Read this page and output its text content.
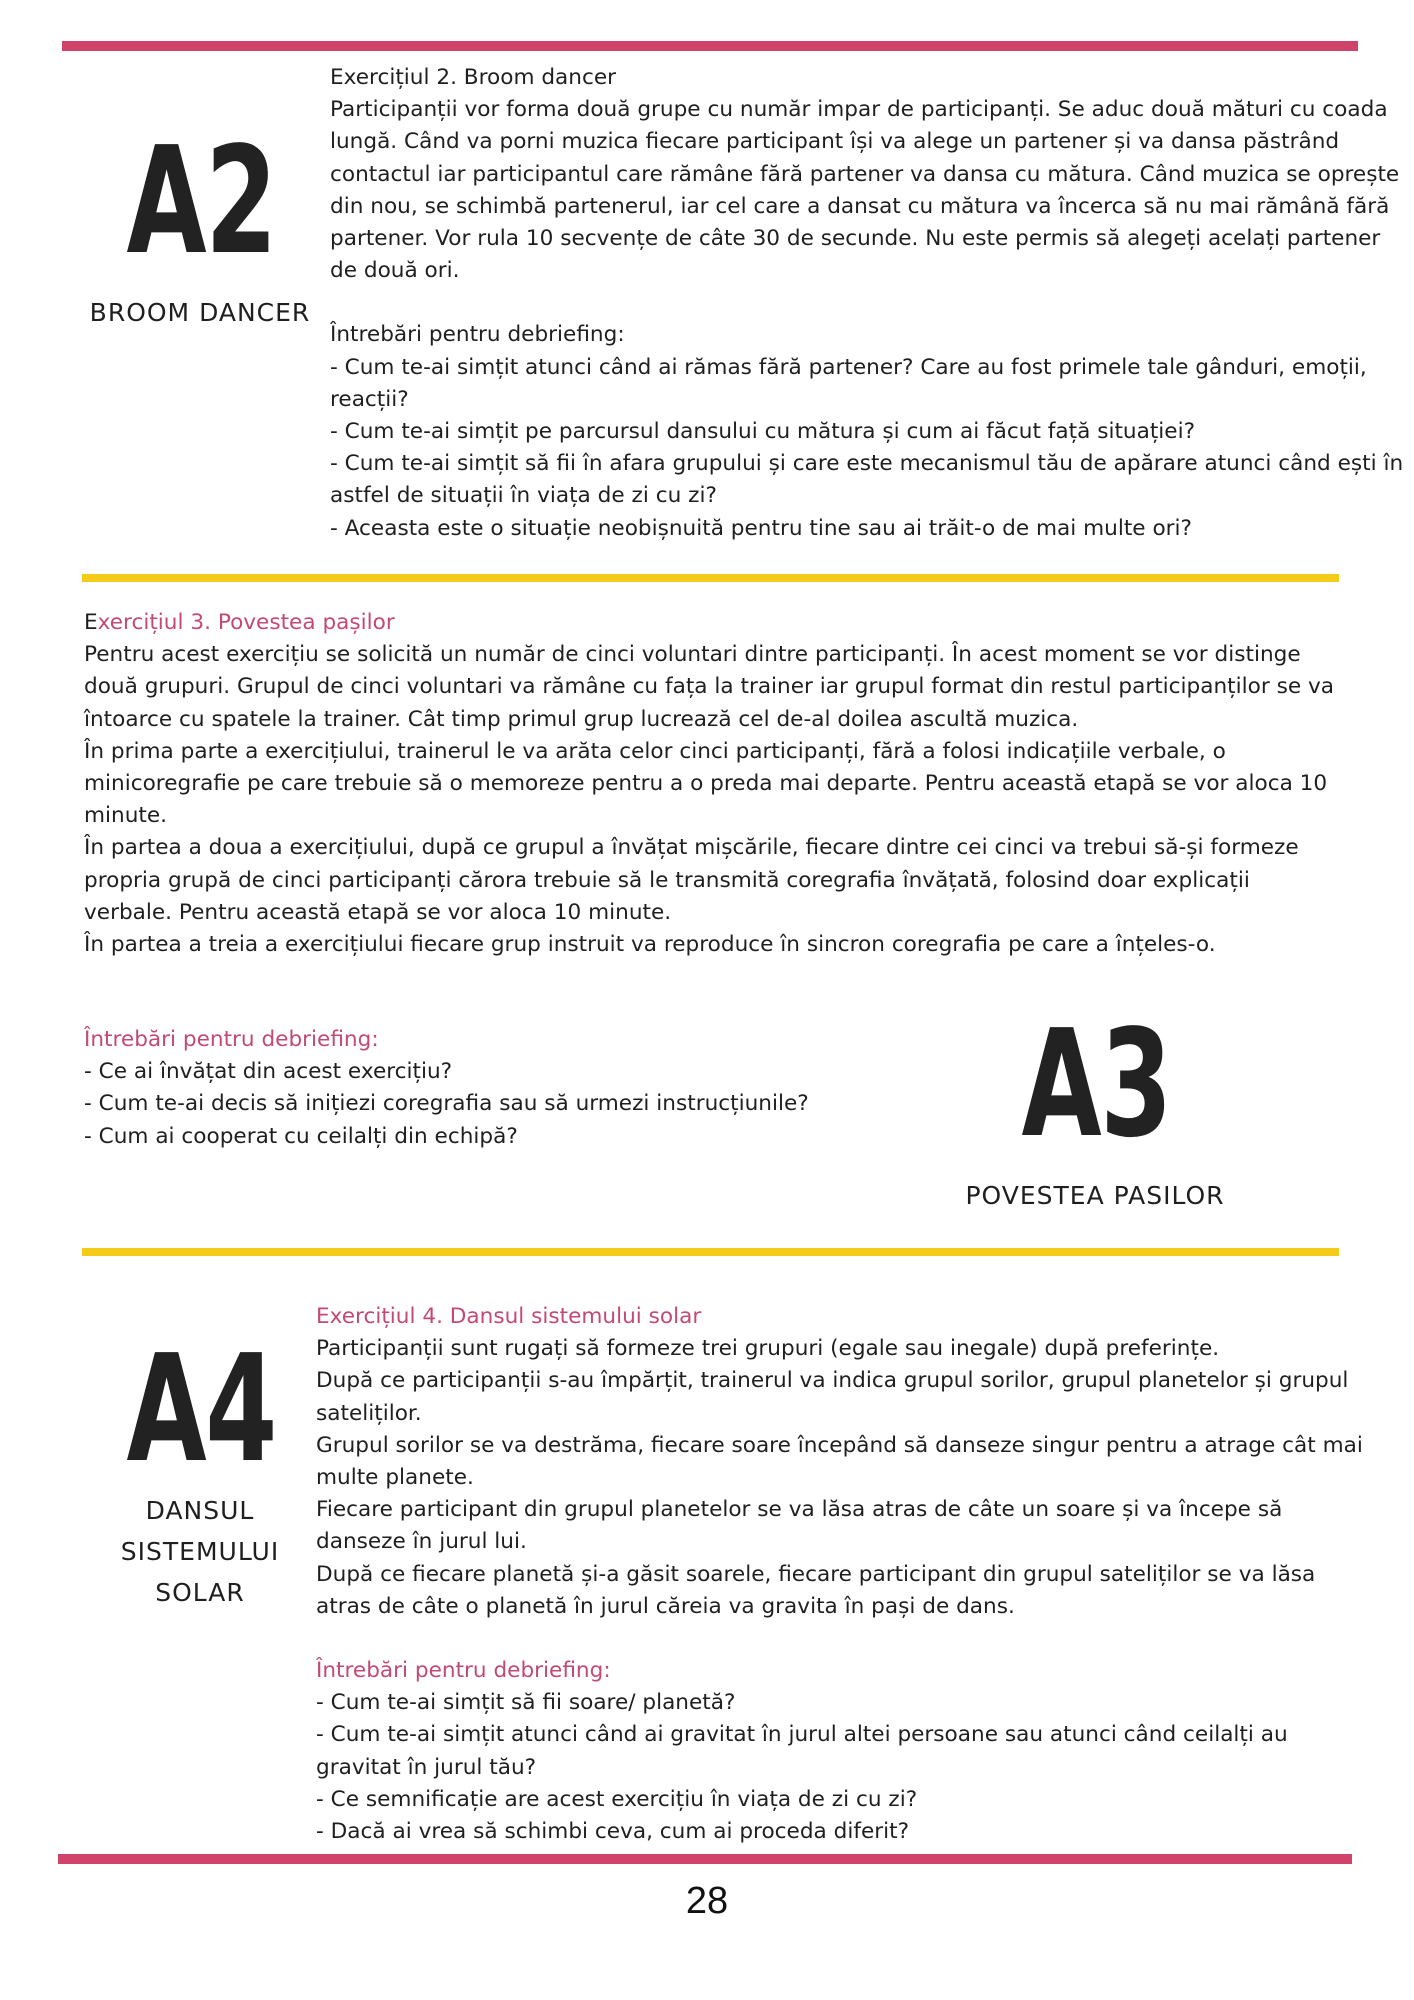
A2
BROOM DANCER

Exercițiul 2. Broom dancer

Participanții vor forma două grupe cu număr impar de participanți. Se aduc două mături cu coada lungă. Când va porni muzica fiecare participant își va alege un partener și va dansa păstrând contactul iar participantul care rămâne fără partener va dansa cu mătura. Când muzica se oprește din nou, se schimbă partenerul, iar cel care a dansat cu mătura va încerca să nu mai rămână fără partener. Vor rula 10 secvențe de câte 30 de secunde. Nu este permis să alegeți acelați partener de două ori.

Întrebări pentru debriefing:

- Cum te-ai simțit atunci când ai rămas fără partener? Care au fost primele tale gânduri, emoții, reacții?

- Cum te-ai simțit pe parcursul dansului cu mătura și cum ai făcut față situației?

- Cum te-ai simțit să fii în afara grupului și care este mecanismul tău de apărare atunci când ești în astfel de situații în viața de zi cu zi?

- Aceasta este o situație neobișnuită pentru tine sau ai trăit-o de mai multe ori?

Exercițiul 3. Povestea pașilor

Pentru acest exercițiu se solicită un număr de cinci voluntari dintre participanți. În acest moment se vor distinge două grupuri. Grupul de cinci voluntari va rămâne cu fața la trainer iar grupul format din restul participanților se va întoarce cu spatele la trainer. Cât timp primul grup lucrează cel de-al doilea ascultă muzica.

În prima parte a exercițiului, trainerul le va arăta celor cinci participanți, fără a folosi indicațiile verbale, o minicoregrafie pe care trebuie să o memoreze pentru a o preda mai departe. Pentru această etapă se vor aloca 10 minute.

În partea a doua a exercițiului, după ce grupul a învățat mișcările, fiecare dintre cei cinci va trebui să-și formeze propria grupă de cinci participanți cărora trebuie să le transmită coregrafia învățată, folosind doar explicații verbale. Pentru această etapă se vor aloca 10 minute.

În partea a treia a exercițiului fiecare grup instruit va reproduce în sincron coregrafia pe care a înțeles-o.

Întrebări pentru debriefing:

- Ce ai învățat din acest exercițiu?

- Cum te-ai decis să inițiezi coregrafia sau să urmezi instrucțiunile?

- Cum ai cooperat cu ceilalți din echipă?	A3
POVESTEA PASILOR
A4
DANSUL
SISTEMULUI
SOLAR

Exercițiul 4. Dansul sistemului solar

Participanții sunt rugați să formeze trei grupuri (egale sau inegale) după preferințe.

După ce participanții s-au împărțit, trainerul va indica grupul sorilor, grupul planetelor și grupul sateliților.

Grupul sorilor se va destrăma, fiecare soare începând să danseze singur pentru a atrage cât mai multe planete.

Fiecare participant din grupul planetelor se va lăsa atras de câte un soare și va începe să danseze în jurul lui.

După ce fiecare planetă și-a găsit soarele, fiecare participant din grupul sateliților se va lăsa atras de câte o planetă în jurul căreia va gravita în pași de dans.

Întrebări pentru debriefing:

- Cum te-ai simțit să fii soare/ planetă?

- Cum te-ai simțit atunci când ai gravitat în jurul altei persoane sau atunci când ceilalți au gravitat în jurul tău?

- Ce semnificație are acest exercițiu în viața de zi cu zi?

- Dacă ai vrea să schimbi ceva, cum ai proceda diferit?

28
